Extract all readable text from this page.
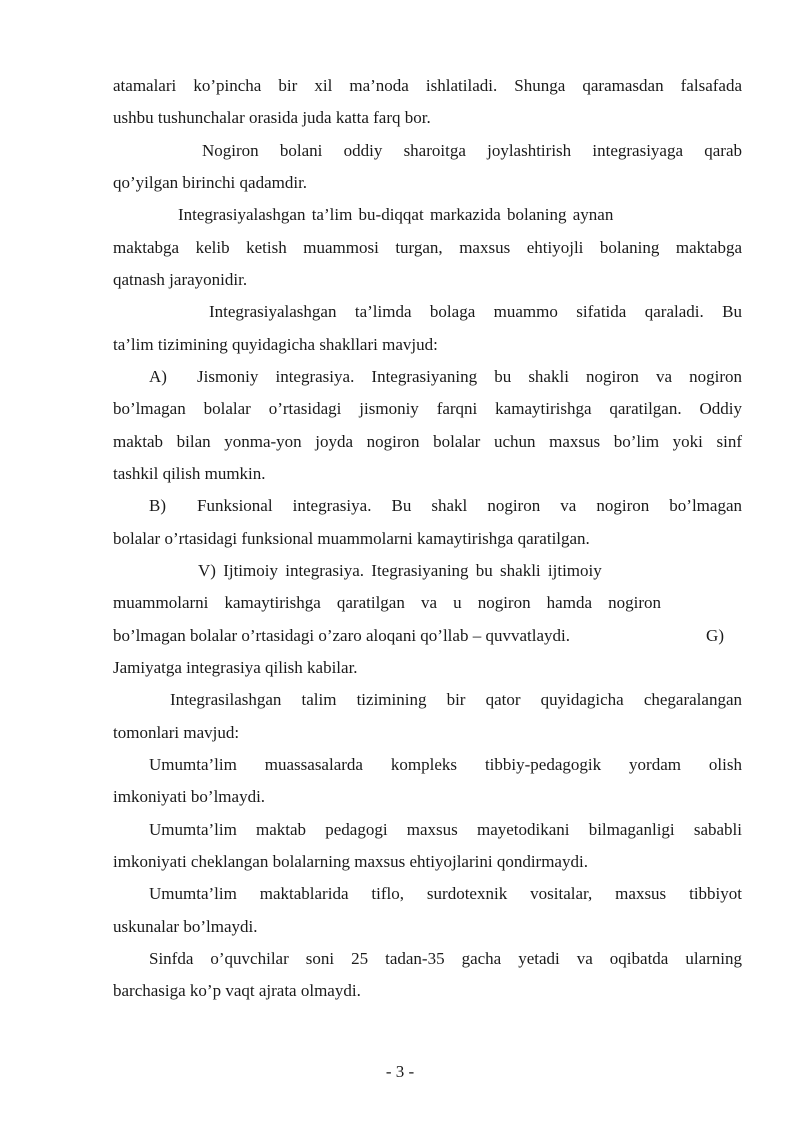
atamalari ko’pincha bir xil ma’noda ishlatiladi. Shunga qaramasdan falsafada

ushbu tushunchalar orasida juda katta farq bor.

Nogiron bolani oddiy sharoitga joylashtirish integrasiyaga qarab

qo’yilgan birinchi qadamdir.

Integrasiyalashgan ta’lim bu-diqqat markazida bolaning aynan

maktabga kelib ketish muammosi turgan, maxsus ehtiyojli bolaning maktabga

qatnash jarayonidir.

Integrasiyalashgan ta’limda bolaga muammo sifatida qaraladi. Bu

ta’lim tizimining quyidagicha shakllari mavjud:

A) Jismoniy integrasiya. Integrasiyaning bu shakli nogiron va nogiron

bo’lmagan bolalar o’rtasidagi jismoniy farqni kamaytirishga qaratilgan. Oddiy

maktab bilan yonma-yon joyda nogiron bolalar uchun maxsus bo’lim yoki sinf

tashkil qilish mumkin.

B) Funksional integrasiya. Bu shakl nogiron va nogiron bo’lmagan

bolalar o’rtasidagi funksional muammolarni kamaytirishga qaratilgan.

V) Ijtimoiy integrasiya. Itegrasiyaning bu shakli ijtimoiy

muammolarni kamaytirishga qaratilgan va u nogiron hamda nogiron

bo’lmagan bolalar o’rtasidagi o’zaro aloqani qo’llab – quvvatlaydi.	G)

Jamiyatga integrasiya qilish kabilar.

Integrasilashgan talim tizimining bir qator quyidagicha chegaralangan

tomonlari mavjud:

Umumta’lim muassasalarda kompleks tibbiy-pedagogik yordam olish

imkoniyati bo’lmaydi.

Umumta’lim maktab pedagogi maxsus mayetodikani bilmaganligi sababli

imkoniyati cheklangan bolalarning maxsus ehtiyojlarini qondirmaydi.

Umumta’lim maktablarida tiflo, surdotexnik vositalar, maxsus tibbiyot

uskunalar bo’lmaydi.

Sinfda o’quvchilar soni 25 tadan-35 gacha yetadi va oqibatda ularning

barchasiga ko’p vaqt ajrata olmaydi.

- 3 -
